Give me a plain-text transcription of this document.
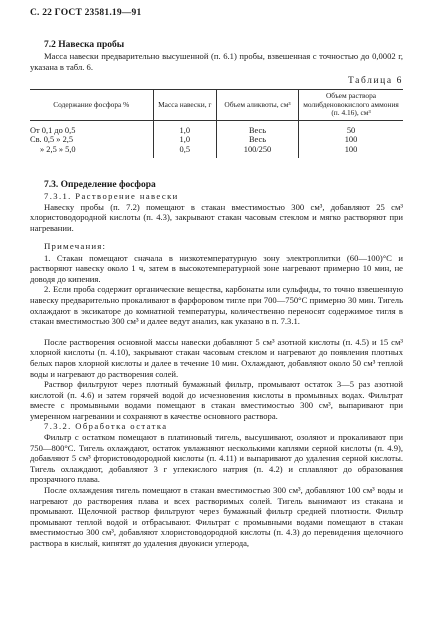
С. 22 ГОСТ 23581.19—91
7.2 Навеска пробы

Масса навески предварительно высушенной (п. 6.1) пробы, взвешенная с точностью до 0,0002 г, указана в табл. 6.

Таблица 6
Содержание фосфора %	Масса навески, г	Объем аликвоты, см³	Объем раствора молибденовокислого аммония (п. 4.16), см³
От 0,1 до 0,5	1,0	Весь	50
Св. 0,5 » 2,5	1,0	Весь	100
» 2,5 » 5,0	0,5	100/250	100
7.3. Определение фосфора

7.3.1. Растворение навески

Навеску пробы (п. 7.2) помещают в стакан вместимостью 300 см³, добавляют 25 см³ хлористоводородной кислоты (п. 4.3), закрывают стакан часовым стеклом и мягко растворяют при нагревании.

Примечания:

1. Стакан помещают сначала в низкотемпературную зону электроплитки (60—100)°С и растворяют навеску около 1 ч, затем в высокотемпературной зоне нагревают примерно 10 мин, не доводя до кипения.

2. Если проба содержит органические вещества, карбонаты или сульфиды, то точно взвешенную навеску предварительно прокаливают в фарфоровом тигле при 700—750°С примерно 30 мин. Тигель охлаждают в эксикаторе до комнатной температуры, количественно переносят содержимое тигля в стакан вместимостью 300 см³ и далее ведут анализ, как указано в п. 7.3.1.

После растворения основной массы навески добавляют 5 см³ азотной кислоты (п. 4.5) и 15 см³ хлорной кислоты (п. 4.10), закрывают стакан часовым стеклом и нагревают до появления плотных белых паров хлорной кислоты и далее в течение 10 мин. Охлаждают, добавляют около 50 см³ теплой воды и нагревают до растворения солей.

Раствор фильтруют через плотный бумажный фильтр, промывают остаток 3—5 раз азотной кислотой (п. 4.6) и затем горячей водой до исчезновения кислоты в промывных водах. Фильтрат вместе с промывными водами помещают в стакан вместимостью 300 см³, выпаривают при умеренном нагревании и сохраняют в качестве основного раствора.

7.3.2. Обработка остатка

Фильтр с остатком помещают в платиновый тигель, высушивают, озоляют и прокаливают при 750—800°С. Тигель охлаждают, остаток увлажняют несколькими каплями серной кислоты (п. 4.9), добавляют 5 см³ фтористоводородной кислоты (п. 4.11) и выпаривают до удаления серной кислоты. Тигель охлаждают, добавляют 3 г углекислого натрия (п. 4.2) и сплавляют до образования прозрачного плава.

После охлаждения тигель помещают в стакан вместимостью 300 см³, добавляют 100 см³ воды и нагревают до растворения плава и всех растворимых солей. Тигель вынимают из стакана и промывают. Щелочной раствор фильтруют через бумажный фильтр средней плотности. Фильтр промывают теплой водой и отбрасывают. Фильтрат с промывными водами помещают в стакан вместимостью 300 см³, добавляют хлористоводородной кислоты (п. 4.3) до перевидения щелочного раствора в кислый, кипятят до удаления двуокиси углерода,
